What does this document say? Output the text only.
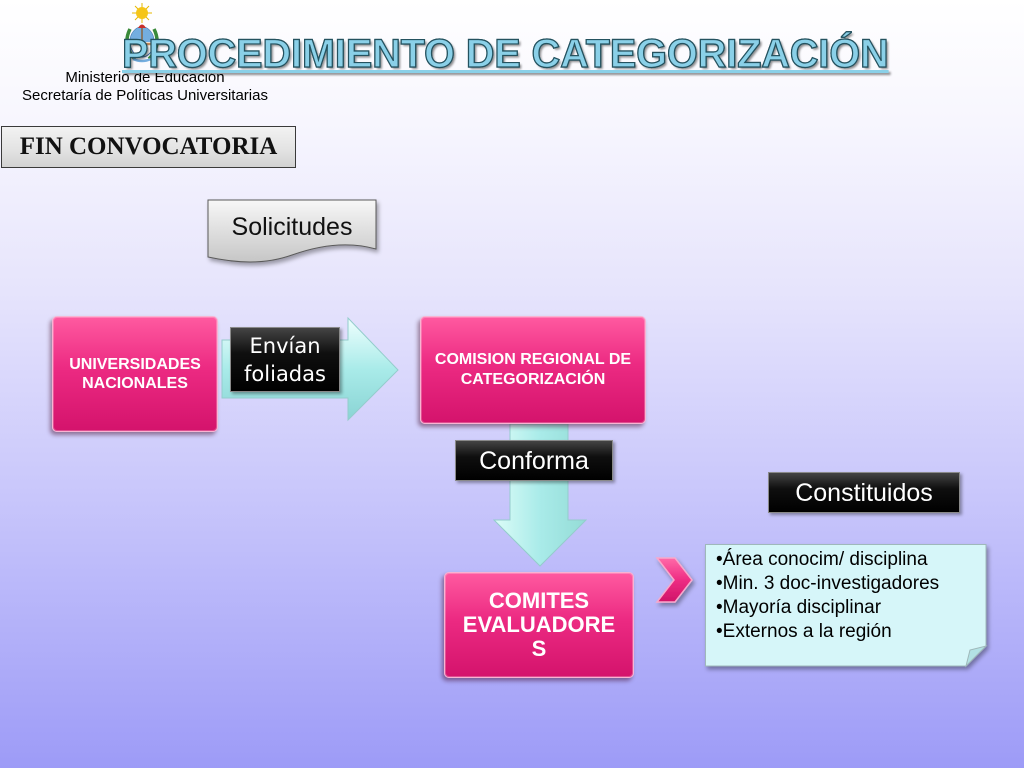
Ministerio de Educación
Secretaría de Políticas Universitarias
PROCEDIMIENTO DE CATEGORIZACIÓN
FIN CONVOCATORIA
Solicitudes
UNIVERSIDADES NACIONALES
COMISION REGIONAL DE CATEGORIZACIÓN
COMITES EVALUADORES
Envían foliadas
Conforma
Constituidos
•Área conocim/ disciplina
•Min. 3 doc-investigadores
•Mayoría disciplinar
•Externos a la región
